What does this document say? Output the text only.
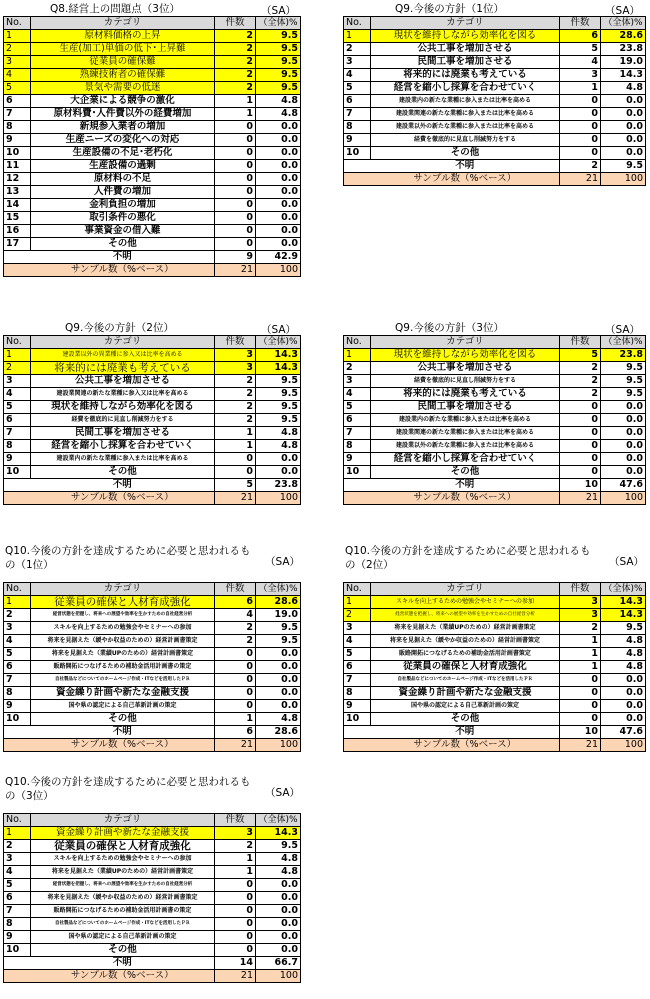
Q8.経営上の問題点（3位）	（SA）
No.	カテゴリ	件数	（全体)%
1	原材料価格の上昇	2	9.5
2	生産(加工)単価の低下･上昇難	2	9.5
3	従業員の確保難	2	9.5
4	熟練技術者の確保難	2	9.5
5	景気や需要の低迷	2	9.5
6	大企業による競争の激化	1	4.8
7	原材料費･人件費以外の経費増加	1	4.8
8	新規参入業者の増加	0	0.0
9	生産ニーズの変化への対応	0	0.0
10	生産設備の不足･老朽化	0	0.0
11	生産設備の過剰	0	0.0
12	原材料の不足	0	0.0
13	人件費の増加	0	0.0
14	金利負担の増加	0	0.0
15	取引条件の悪化	0	0.0
16	事業資金の借入難	0	0.0
17	その他	0	0.0
	不明	9	42.9
	サンプル数（%ベース）	21	100
Q9.今後の方針（1位）	（SA）
No.	カテゴリ	件数	（全体)%
1	現状を維持しながら効率化を図る	6	28.6
2	公共工事を増加させる	5	23.8
3	民間工事を増加させる	4	19.0
4	将来的には廃業も考えている	3	14.3
5	経営を縮小し採算を合わせていく	1	4.8
6	建設業内の新たな業種に参入または比率を高める	0	0.0
7	建設業関連の新たな業種に参入または比率を高める	0	0.0
8	建設業以外の新たな業種に参入または比率を高める	0	0.0
9	経費を徹底的に見直し削減努力をする	0	0.0
10	その他	0	0.0
	不明	2	9.5
	サンプル数（%ベース）	21	100
Q9.今後の方針（2位）	（SA）
No.	カテゴリ	件数	（全体)%
1	建設業以外の異業種に参入又は比率を高める	3	14.3
2	将来的には廃業も考えている	3	14.3
3	公共工事を増加させる	2	9.5
4	建設業関連の新たな業種に参入又は比率を高める	2	9.5
5	現状を維持しながら効率化を図る	2	9.5
6	経費を徹底的に見直し削減努力をする	2	9.5
7	民間工事を増加させる	1	4.8
8	経営を縮小し採算を合わせていく	1	4.8
9	建設業内の新たな業種に参入または比率を高める	0	0.0
10	その他	0	0.0
	不明	5	23.8
	サンプル数（%ベース）	21	100
Q9.今後の方針（3位）	（SA）
No.	カテゴリ	件数	（全体)%
1	現状を維持しながら効率化を図る	5	23.8
2	公共工事を増加させる	2	9.5
3	経費を徹底的に見直し削減努力をする	2	9.5
4	将来的には廃業も考えている	2	9.5
5	民間工事を増加させる	0	0.0
6	建設業内の新たな業種に参入または比率を高める	0	0.0
7	建設業関連の新たな業種に参入または比率を高める	0	0.0
8	建設業以外の新たな業種に参入または比率を高める	0	0.0
9	経営を縮小し採算を合わせていく	0	0.0
10	その他	0	0.0
	不明	10	47.6
	サンプル数（%ベース）	21	100
Q10.今後の方針を達成するために必要と思われるもの（1位）	（SA）
No.	カテゴリ	件数	（全体)%
1	従業員の確保と人材育成強化	6	28.6
2	経営状態を把握し、将来への展望や効率を生かすための自社経営分析	4	19.0
3	スキルを向上するための勉強会やセミナーへの参加	2	9.5
4	将来を見据えた（緩やか収益のための）経営計画書策定	2	9.5
5	将来を見据えた（業績UPのための）経営計画書策定	0	0.0
6	販路開拓につなげるための補助金活用計画書の策定	0	0.0
7	自社製品などについてのホームページ作成・ITなどを活用したＰＲ	0	0.0
8	資金繰り計画や新たな金融支援	0	0.0
9	国や県の認定による自己革新計画の策定	0	0.0
10	その他	1	4.8
	不明	6	28.6
	サンプル数（%ベース）	21	100
Q10.今後の方針を達成するために必要と思われるもの（2位）	（SA）
No.	カテゴリ	件数	（全体)%
1	スキルを向上するための勉強会やセミナーへの参加	3	14.3
2	経営状態を把握し、将来への展望や効率を生かすための自社経営分析	3	14.3
3	将来を見据えた（業績UPのための）経営計画書策定	2	9.5
4	将来を見据えた（緩やか収益のための）経営計画書策定	1	4.8
5	販路開拓につなげるための補助金活用計画書策定	1	4.8
6	従業員の確保と人材育成強化	1	4.8
7	自社製品などについてのホームページ作成・ITなどを活用したＰＲ	0	0.0
8	資金繰り計画や新たな金融支援	0	0.0
9	国や県の認定による自己革新計画の策定	0	0.0
10	その他	0	0.0
	不明	10	47.6
	サンプル数（%ベース）	21	100
Q10.今後の方針を達成するために必要と思われるもの（3位）	（SA）
No.	カテゴリ	件数	（全体)%
1	資金繰り計画や新たな金融支援	3	14.3
2	従業員の確保と人材育成強化	2	9.5
3	スキルを向上するための勉強会やセミナーへの参加	1	4.8
4	将来を見据えた（業績UPのための）経営計画書策定	1	4.8
5	経営状態を把握し、将来への展望や効率を生かすための自社経営分析	0	0.0
6	将来を見据えた（緩やか収益のための）経営計画書策定	0	0.0
7	販路開拓につなげるための補助金活用計画書の策定	0	0.0
8	自社製品などについてのホームページ作成・ITなどを活用したＰＲ	0	0.0
9	国や県の認定による自己革新計画の策定	0	0.0
10	その他	0	0.0
	不明	14	66.7
	サンプル数（%ベース）	21	100
